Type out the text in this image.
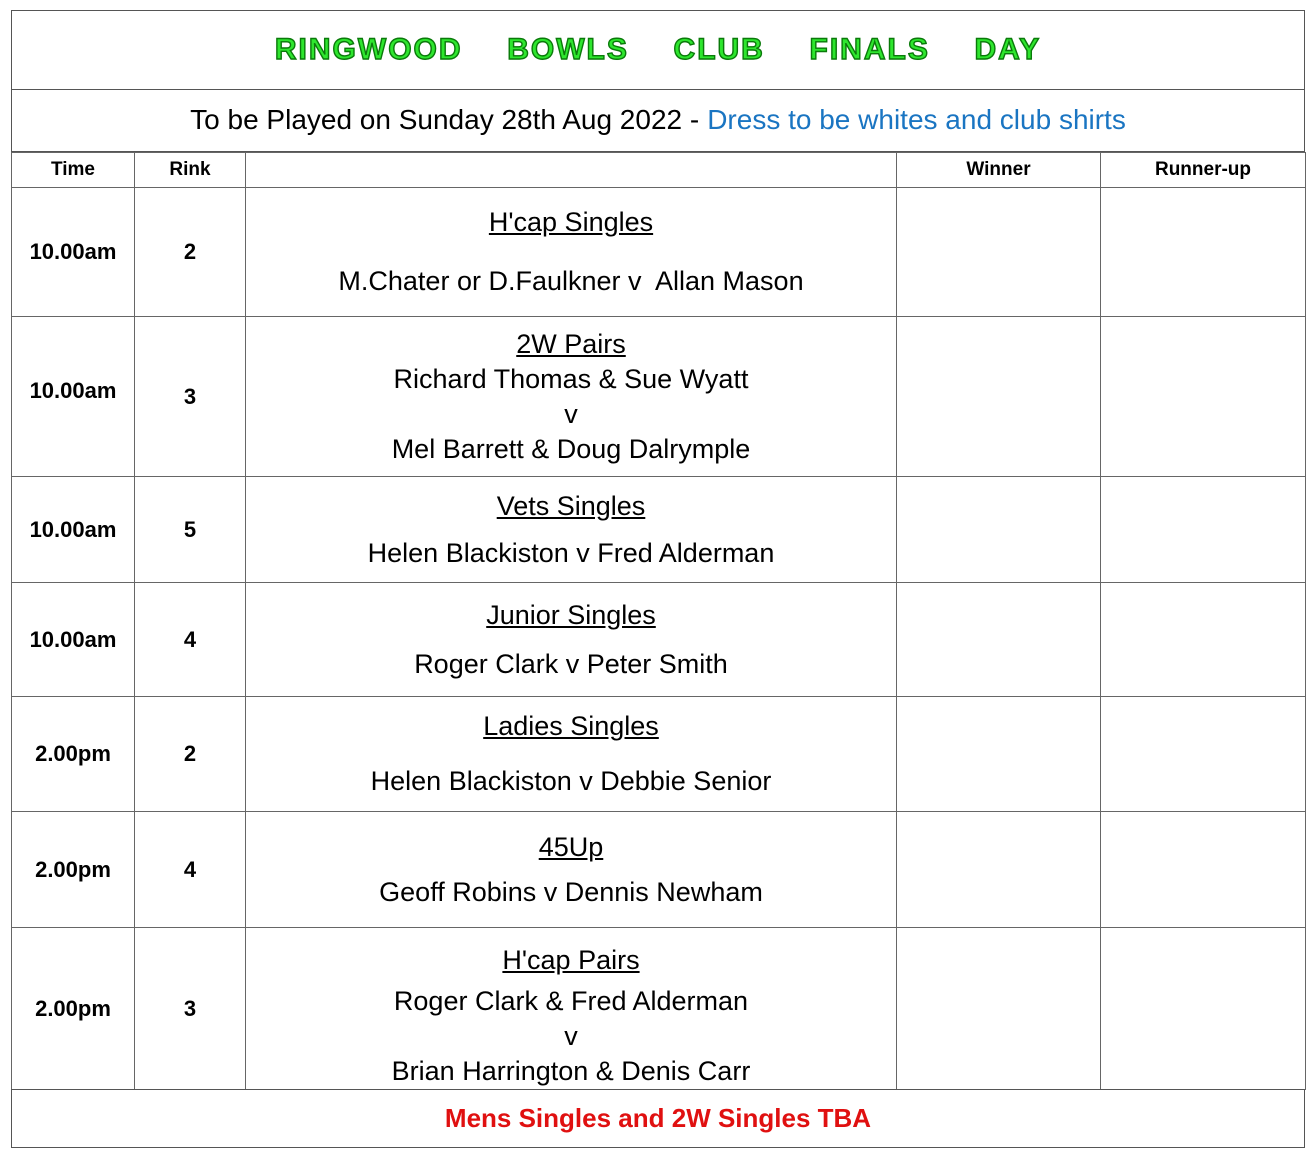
RINGWOOD  BOWLS  CLUB  FINALS  DAY
To be Played on Sunday 28th Aug 2022 - Dress to be whites and club shirts
Time	Rink		Winner	Runner-up
10.00am	2	H'cap Singles
M.Chater or D.Faulkner v  Allan Mason		

10.00am	3	2W Pairs
Richard Thomas & Sue Wyatt
v
Mel Barrett & Doug Dalrymple		

10.00am	5	Vets Singles
Helen Blackiston v Fred Alderman		

10.00am	4	Junior Singles
Roger Clark v Peter Smith		

2.00pm	2	Ladies Singles
Helen Blackiston v Debbie Senior		

2.00pm	4	45Up
Geoff Robins v Dennis Newham		

2.00pm	3	H'cap Pairs
Roger Clark & Fred Alderman
v
Brian Harrington & Denis Carr		

Mens Singles and 2W Singles TBA
